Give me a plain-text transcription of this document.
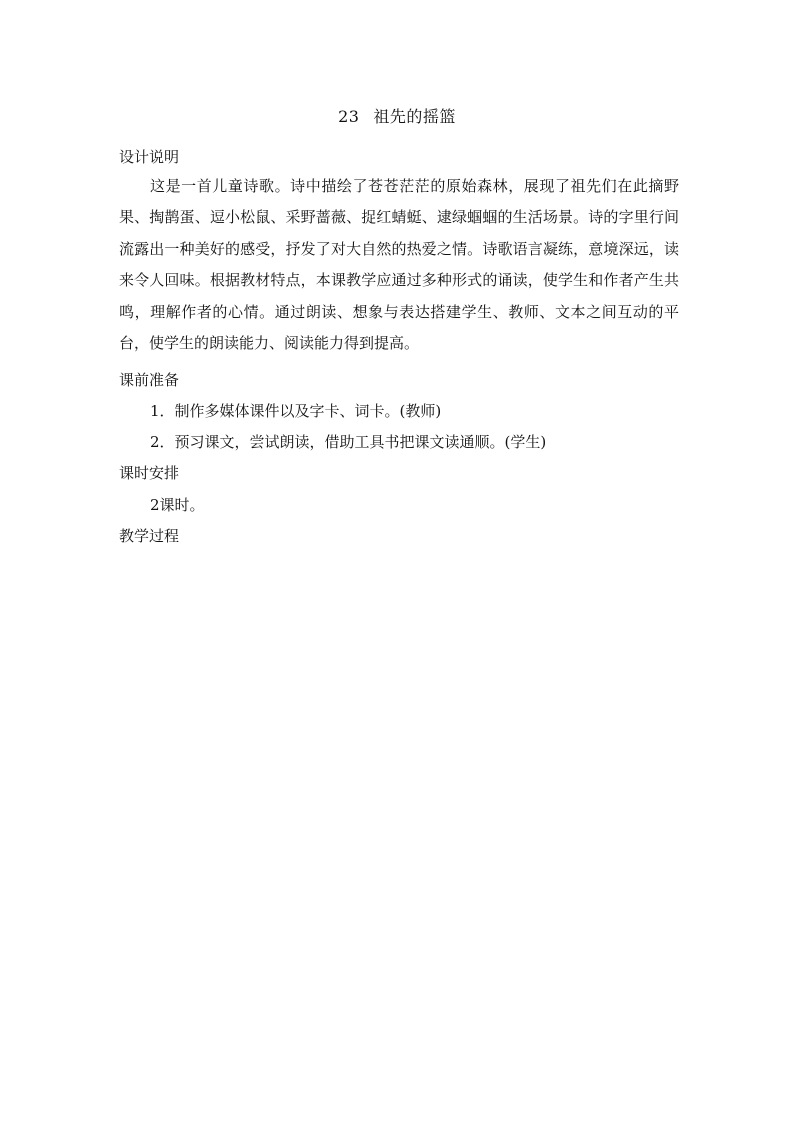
23 祖先的摇篮
设计说明

这是一首儿童诗歌。诗中描绘了苍苍茫茫的原始森林，展现了祖先们在此摘野果、掏鹊蛋、逗小松鼠、采野蔷薇、捉红蜻蜓、逮绿蝈蝈的生活场景。诗的字里行间流露出一种美好的感受，抒发了对大自然的热爱之情。诗歌语言凝练，意境深远，读来令人回味。根据教材特点，本课教学应通过多种形式的诵读，使学生和作者产生共鸣，理解作者的心情。通过朗读、想象与表达搭建学生、教师、文本之间互动的平台，使学生的朗读能力、阅读能力得到提高。

课前准备
1．制作多媒体课件以及字卡、词卡。(教师)
2．预习课文，尝试朗读，借助工具书把课文读通顺。(学生)
课时安排
2课时。
教学过程
